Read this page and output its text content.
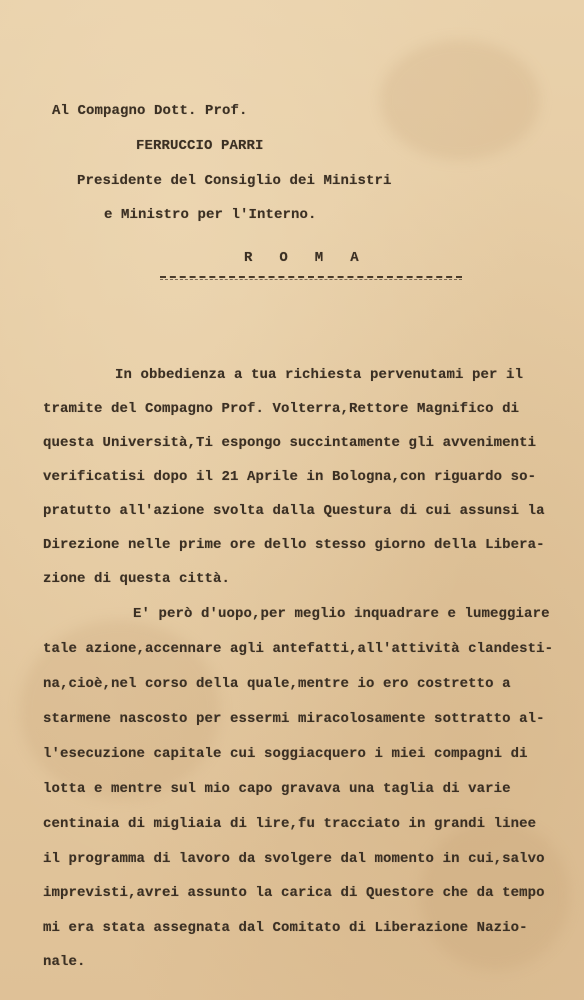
Al Compagno Dott. Prof.

FERRUCCIO PARRI

Presidente del Consiglio dei Ministri

e Ministro per l'Interno.

ROMA

In obbedienza a tua richiesta pervenutami per il

tramite del Compagno Prof. Volterra,Rettore Magnifico di

questa Università,Ti espongo succintamente gli avvenimenti

verificatisi dopo il 21 Aprile in Bologna,con riguardo so-

pratutto all'azione svolta dalla Questura di cui assunsi la

Direzione nelle prime ore dello stesso giorno della Libera-

zione di questa città.

E' però d'uopo,per meglio inquadrare e lumeggiare

tale azione,accennare agli antefatti,all'attività clandesti-

na,cioè,nel corso della quale,mentre io ero costretto a

starmene nascosto per essermi miracolosamente sottratto al-

l'esecuzione capitale cui soggiacquero i miei compagni di

lotta e mentre sul mio capo gravava una taglia di varie

centinaia di migliaia di lire,fu tracciato in grandi linee

il programma di lavoro da svolgere dal momento in cui,salvo

imprevisti,avrei assunto la carica di Questore che da tempo

mi era stata assegnata dal Comitato di Liberazione Nazio-

nale.
